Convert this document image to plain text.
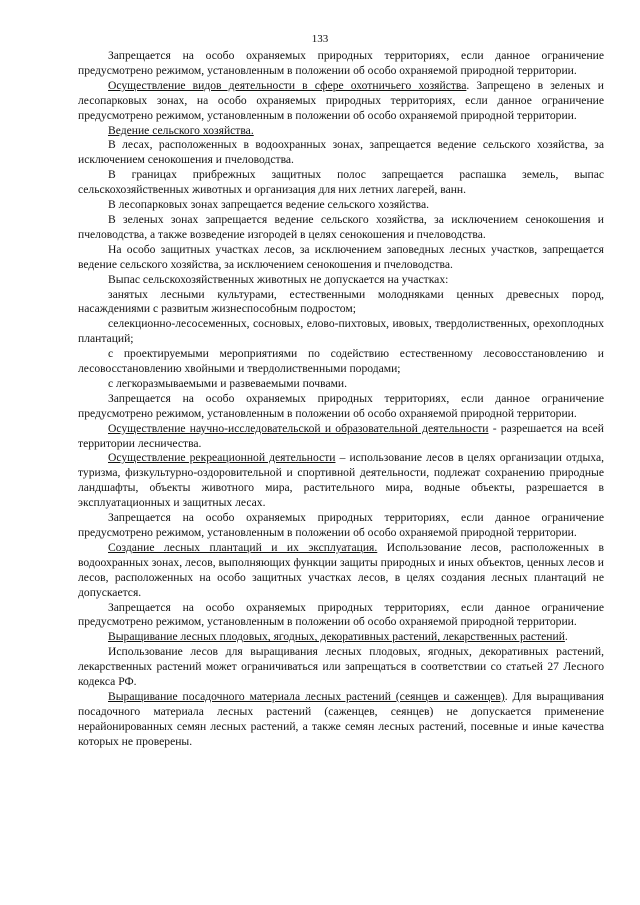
133

Запрещается на особо охраняемых природных территориях, если данное ограничение предусмотрено режимом, установленным в положении об особо охраняемой природной территории.

Осуществление видов деятельности в сфере охотничьего хозяйства. Запрещено в зеленых и лесопарковых зонах, на особо охраняемых природных территориях, если данное ограничение предусмотрено режимом, установленным в положении об особо охраняемой природной территории.

Ведение сельского хозяйства.

В лесах, расположенных в водоохранных зонах, запрещается ведение сельского хозяйства, за исключением сенокошения и пчеловодства.

В границах прибрежных защитных полос запрещается распашка земель, выпас сельскохозяйственных животных и организация для них летних лагерей, ванн.

В лесопарковых зонах запрещается ведение сельского хозяйства.

В зеленых зонах запрещается ведение сельского хозяйства, за исключением сенокошения и пчеловодства, а также возведение изгородей в целях сенокошения и пчеловодства.

На особо защитных участках лесов, за исключением заповедных лесных участков, запрещается ведение сельского хозяйства, за исключением сенокошения и пчеловодства.

Выпас сельскохозяйственных животных не допускается на участках:

занятых лесными культурами, естественными молодняками ценных древесных пород, насаждениями с развитым жизнеспособным подростом;

селекционно-лесосеменных, сосновых, елово-пихтовых, ивовых, твердолиственных, орехоплодных плантаций;

с проектируемыми мероприятиями по содействию естественному лесовосстановлению и лесовосстановлению хвойными и твердолиственными породами;

с легкоразмываемыми и развеваемыми почвами.

Запрещается на особо охраняемых природных территориях, если данное ограничение предусмотрено режимом, установленным в положении об особо охраняемой природной территории.

Осуществление научно-исследовательской и образовательной деятельности - разрешается на всей территории лесничества.

Осуществление рекреационной деятельности – использование лесов в целях организации отдыха, туризма, физкультурно-оздоровительной и спортивной деятельности, подлежат сохранению природные ландшафты, объекты животного мира, растительного мира, водные объекты, разрешается в эксплуатационных и защитных лесах.

Запрещается на особо охраняемых природных территориях, если данное ограничение предусмотрено режимом, установленным в положении об особо охраняемой природной территории.

Создание лесных плантаций и их эксплуатация. Использование лесов, расположенных в водоохранных зонах, лесов, выполняющих функции защиты природных и иных объектов, ценных лесов и лесов, расположенных на особо защитных участках лесов, в целях создания лесных плантаций не допускается.

Запрещается на особо охраняемых природных территориях, если данное ограничение предусмотрено режимом, установленным в положении об особо охраняемой природной территории.

Выращивание лесных плодовых, ягодных, декоративных растений, лекарственных растений.

Использование лесов для выращивания лесных плодовых, ягодных, декоративных растений, лекарственных растений может ограничиваться или запрещаться в соответствии со статьей 27 Лесного кодекса РФ.

Выращивание посадочного материала лесных растений (сеянцев и саженцев). Для выращивания посадочного материала лесных растений (саженцев, сеянцев) не допускается применение нерайонированных семян лесных растений, а также семян лесных растений, посевные и иные качества которых не проверены.
